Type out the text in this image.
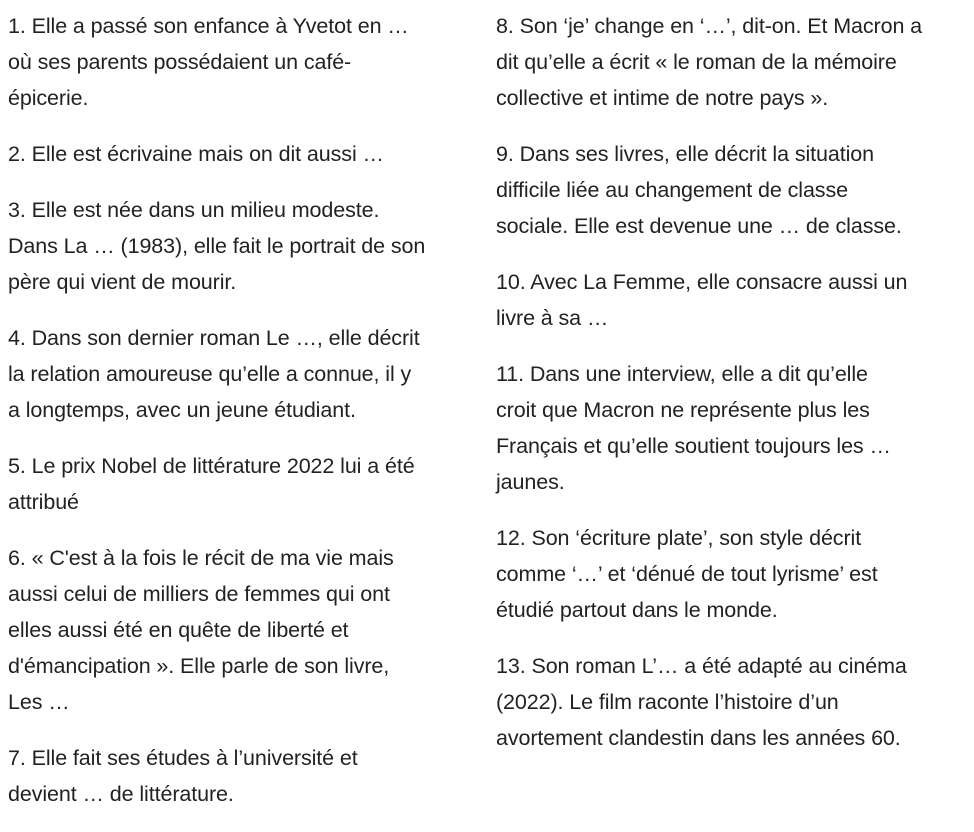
1. Elle a passé son enfance à Yvetot en …
où ses parents possédaient un café-
épicerie.

2. Elle est écrivaine mais on dit aussi …

3. Elle est née dans un milieu modeste.
Dans La … (1983), elle fait le portrait de son
père qui vient de mourir.

4. Dans son dernier roman Le …, elle décrit
la relation amoureuse qu’elle a connue, il y
a longtemps, avec un jeune étudiant.

5. Le prix Nobel de littérature 2022 lui a été
attribué

6. « C'est à la fois le récit de ma vie mais
aussi celui de milliers de femmes qui ont
elles aussi été en quête de liberté et
d'émancipation ». Elle parle de son livre,
Les …

7. Elle fait ses études à l’université et
devient … de littérature.

8. Son ‘je’ change en ‘…’, dit-on. Et Macron a
dit qu’elle a écrit « le roman de la mémoire
collective et intime de notre pays ».

9. Dans ses livres, elle décrit la situation
difficile liée au changement de classe
sociale. Elle est devenue une … de classe.

10. Avec La Femme, elle consacre aussi un
livre à sa …

11. Dans une interview, elle a dit qu’elle
croit que Macron ne représente plus les
Français et qu’elle soutient toujours les …
jaunes.

12. Son ‘écriture plate’, son style décrit
comme ‘…’ et ‘dénué de tout lyrisme’ est
étudié partout dans le monde.

13. Son roman L’… a été adapté au cinéma
(2022). Le film raconte l’histoire d’un
avortement clandestin dans les années 60.
